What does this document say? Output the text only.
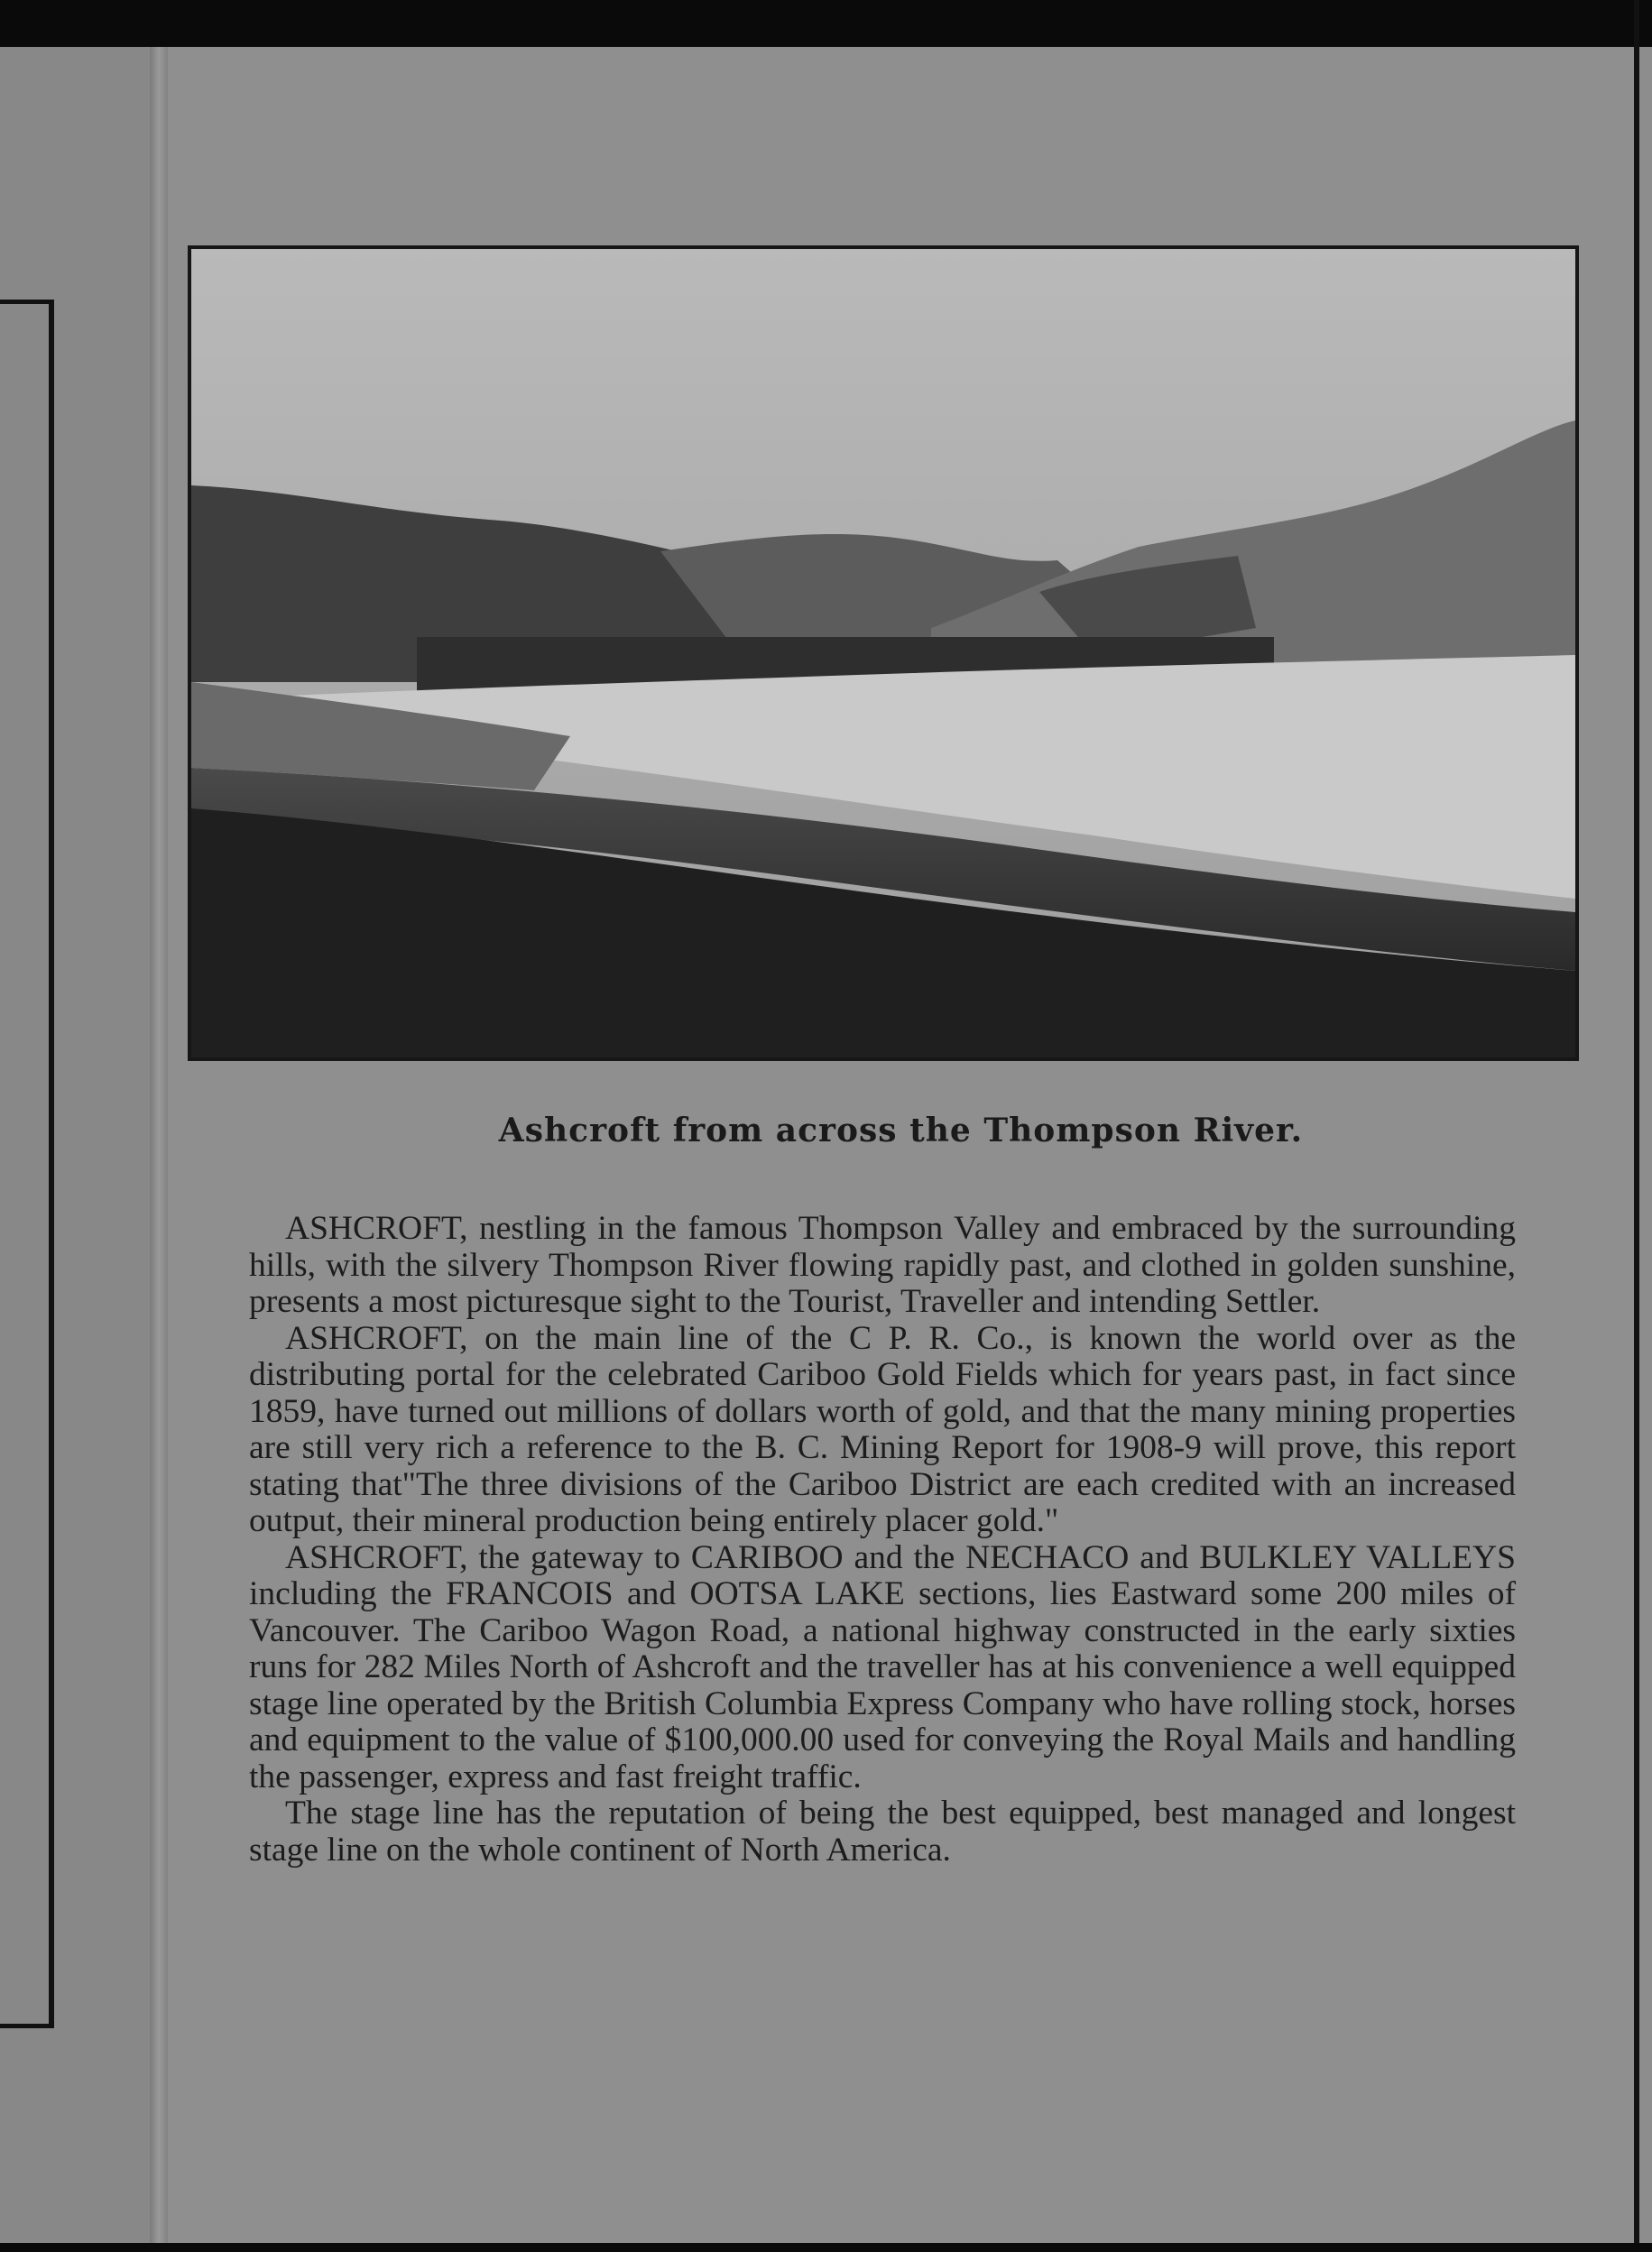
Ashcroft from across the Thompson River.

ASHCROFT, nestling in the famous Thompson Valley and embraced by the surrounding hills, with the silvery Thompson River flowing rapidly past, and clothed in golden sunshine, presents a most picturesque sight to the Tourist, Traveller and intending Settler.

ASHCROFT, on the main line of the C P. R. Co., is known the world over as the distributing portal for the celebrated Cariboo Gold Fields which for years past, in fact since 1859, have turned out millions of dollars worth of gold, and that the many mining properties are still very rich a reference to the B. C. Mining Report for 1908-9 will prove, this report stating that"The three divisions of the Cariboo District are each credited with an increased output, their mineral production being entirely placer gold."

ASHCROFT, the gateway to CARIBOO and the NECHACO and BULKLEY VALLEYS including the FRANCOIS and OOTSA LAKE sections, lies Eastward some 200 miles of Vancouver. The Cariboo Wagon Road, a national highway constructed in the early sixties runs for 282 Miles North of Ashcroft and the traveller has at his convenience a well equipped stage line operated by the British Columbia Express Company who have rolling stock, horses and equipment to the value of $100,000.00 used for conveying the Royal Mails and handling the passenger, express and fast freight traffic.

The stage line has the reputation of being the best equipped, best managed and longest stage line on the whole continent of North America.
